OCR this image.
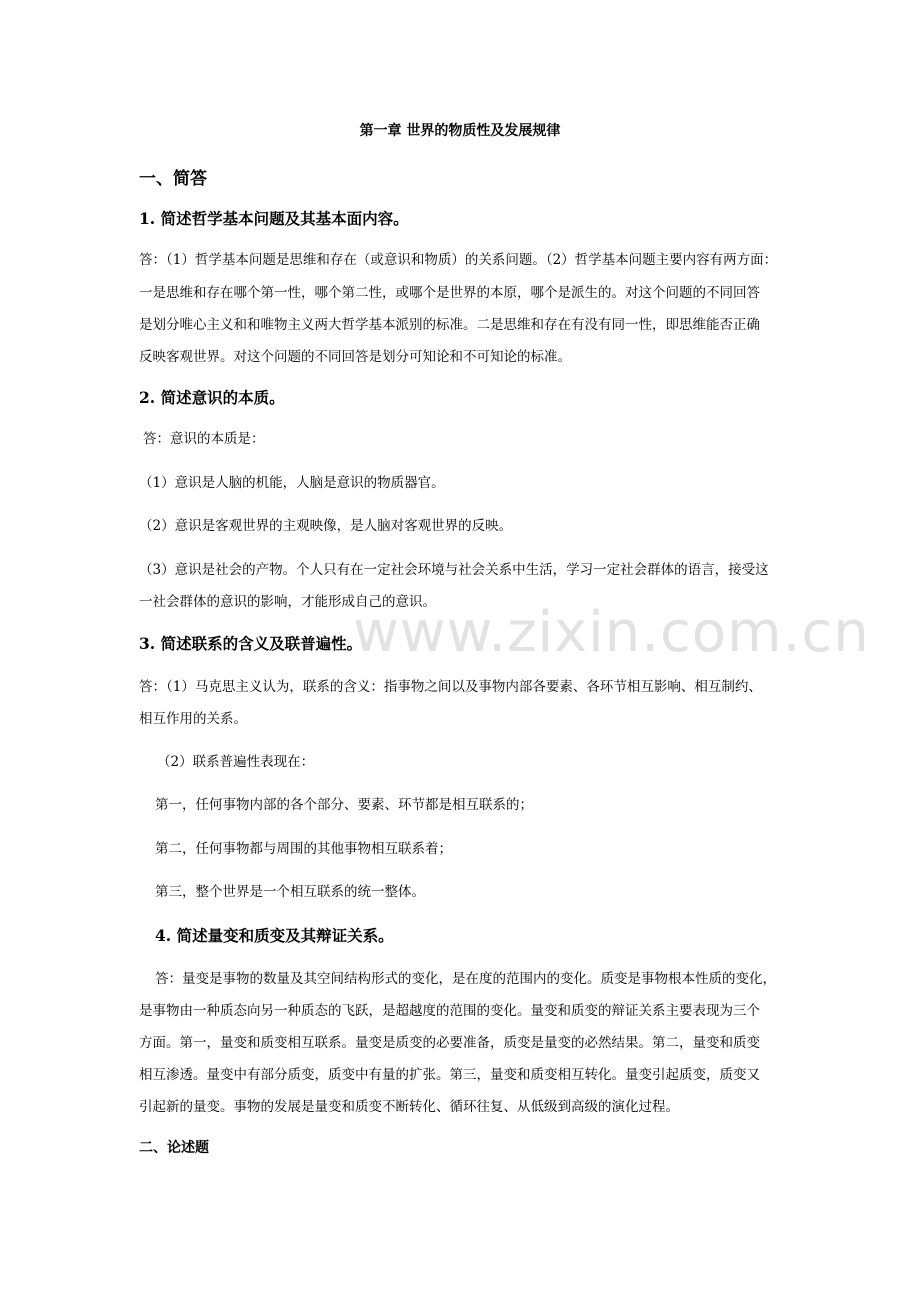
www.zixin.com.cn
第一章 世界的物质性及发展规律
一、简答
1. 简述哲学基本问题及其基本面内容。
答：（1）哲学基本问题是思维和存在（或意识和物质）的关系问题。（2）哲学基本问题主要内容有两方面：
一是思维和存在哪个第一性，哪个第二性，或哪个是世界的本原，哪个是派生的。对这个问题的不同回答
是划分唯心主义和和唯物主义两大哲学基本派别的标准。二是思维和存在有没有同一性，即思维能否正确
反映客观世界。对这个问题的不同回答是划分可知论和不可知论的标准。
2. 简述意识的本质。
答：意识的本质是：
（1）意识是人脑的机能，人脑是意识的物质器官。
（2）意识是客观世界的主观映像，是人脑对客观世界的反映。
（3）意识是社会的产物。个人只有在一定社会环境与社会关系中生活，学习一定社会群体的语言，接受这
一社会群体的意识的影响，才能形成自己的意识。
3. 简述联系的含义及联普遍性。
答：（1）马克思主义认为，联系的含义：指事物之间以及事物内部各要素、各环节相互影响、相互制约、
相互作用的关系。
（2）联系普遍性表现在：
第一，任何事物内部的各个部分、要素、环节都是相互联系的；
第二，任何事物都与周围的其他事物相互联系着；
第三，整个世界是一个相互联系的统一整体。
4. 简述量变和质变及其辩证关系。
答：量变是事物的数量及其空间结构形式的变化，是在度的范围内的变化。质变是事物根本性质的变化，
是事物由一种质态向另一种质态的飞跃，是超越度的范围的变化。量变和质变的辩证关系主要表现为三个
方面。第一，量变和质变相互联系。量变是质变的必要准备，质变是量变的必然结果。第二，量变和质变
相互渗透。量变中有部分质变，质变中有量的扩张。第三，量变和质变相互转化。量变引起质变，质变又
引起新的量变。事物的发展是量变和质变不断转化、循环往复、从低级到高级的演化过程。
二、论述题
